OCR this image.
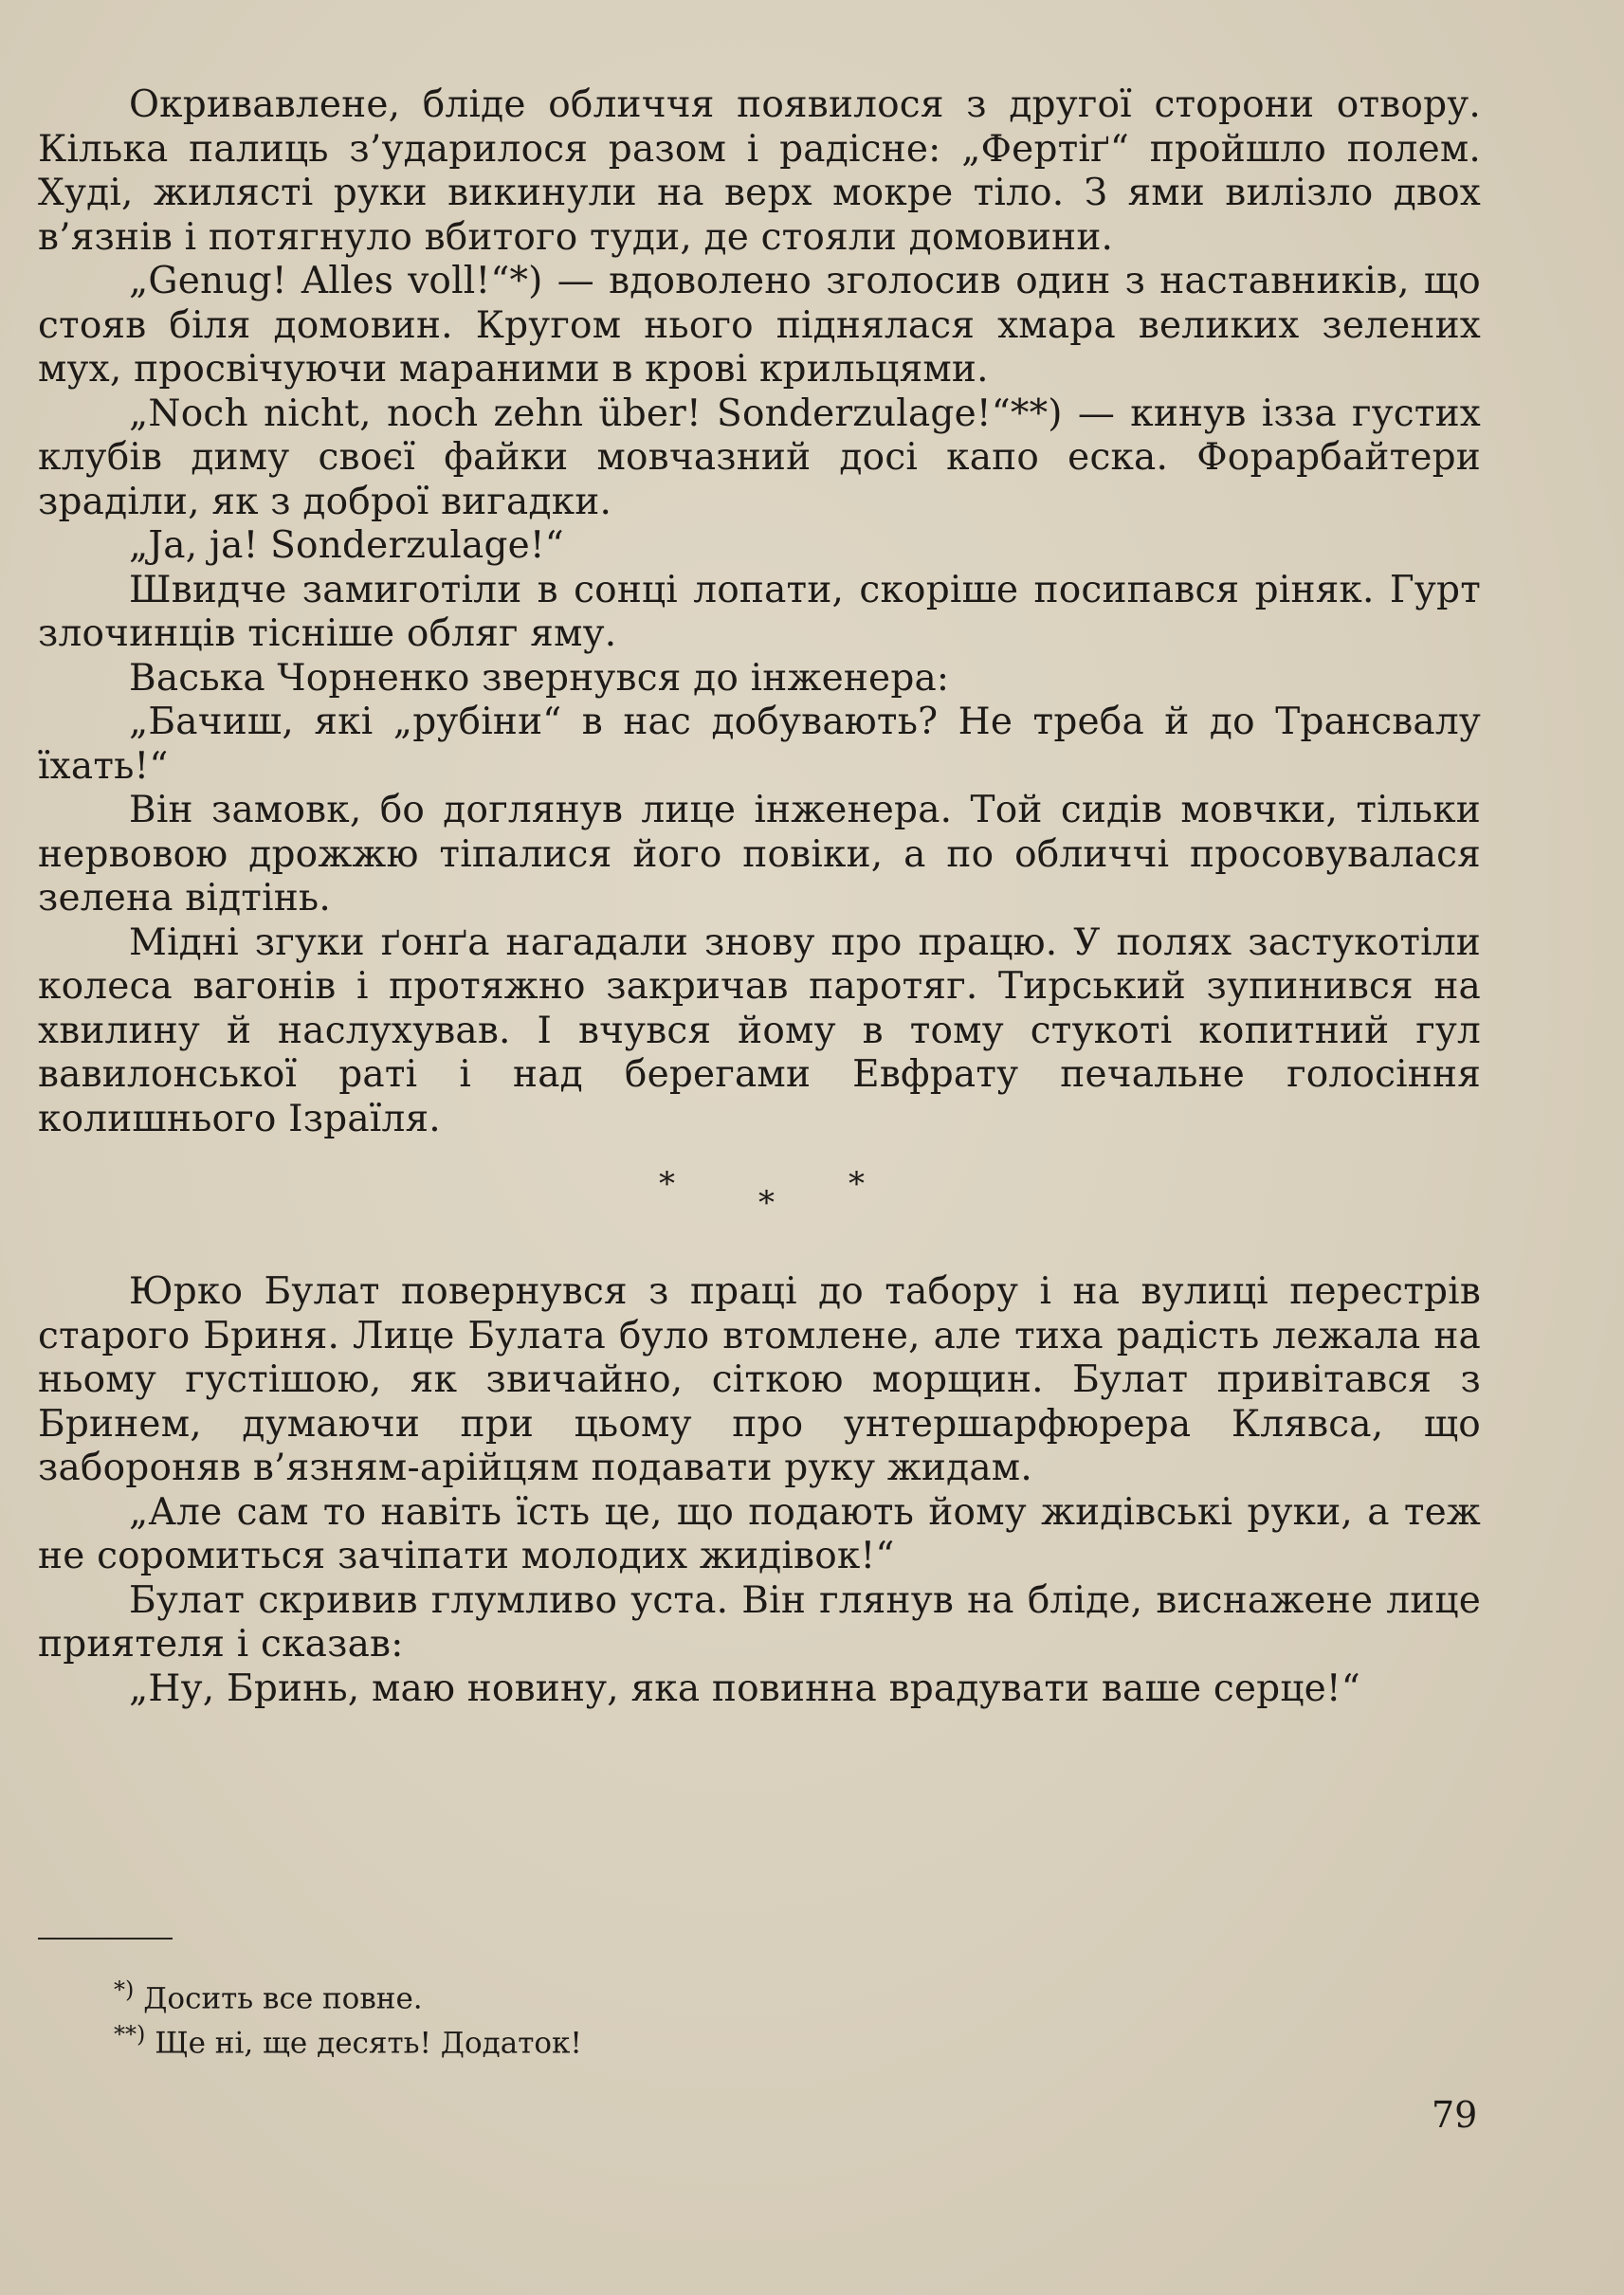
Окривавлене, бліде обличчя появилося з другої сторони отвору. Кілька палиць з’ударилося разом і радісне: „Фертіґ“ пройшло полем. Худі, жилясті руки викинули на верх мокре тіло. З ями вилізло двох в’язнів і потягнуло вбитого туди, де стояли домовини.

„Genug! Alles voll!“*) — вдоволено зголосив один з наставників, що стояв біля домовин. Кругом нього піднялася хмара великих зелених мух, просвічуючи мараними в крові крильцями.

„Noch nicht, noch zehn über! Sonderzulage!“**) — кинув ізза густих клубів диму своєї файки мовчазний досі капо еска. Форарбайтери зраділи, як з доброї вигадки.

„Ja, ja! Sonderzulage!“

Швидче замиготіли в сонці лопати, скоріше посипався ріняк. Гурт злочинців тісніше обляг яму.

Васька Чорненко звернувся до інженера:

„Бачиш, які „рубіни“ в нас добувають? Не треба й до Трансвалу їхать!“

Він замовк, бо доглянув лице інженера. Той сидів мовчки, тільки нервовою дрожжю тіпалися його повіки, а по обличчі просовувалася зелена відтінь.

Мідні згуки ґонґа нагадали знову про працю. У полях застукотіли колеса вагонів і протяжно закричав паротяг. Тирський зупинився на хвилину й наслухував. І вчувся йому в тому стукоті копитний гул вавилонської раті і над берегами Евфрату печальне голосіння колишнього Ізраїля.

*	* *

Юрко Булат повернувся з праці до табору і на вулиці перестрів старого Бриня. Лице Булата було втомлене, але тиха радість лежала на ньому густішою, як звичайно, сіткою морщин. Булат привітався з Бринем, думаючи при цьому про унтершарфюрера Клявса, що забороняв в’язням-арійцям подавати руку жидам.

„Але сам то навіть їсть це, що подають йому жидівські руки, а теж не соромиться зачіпати молодих жидівок!“

Булат скривив глумливо уста. Він глянув на бліде, виснажене лице приятеля і сказав:

„Ну, Бринь, маю новину, яка повинна врадувати ваше серце!“

*) Досить все повне.

**) Ще ні, ще десять! Додаток!

79
